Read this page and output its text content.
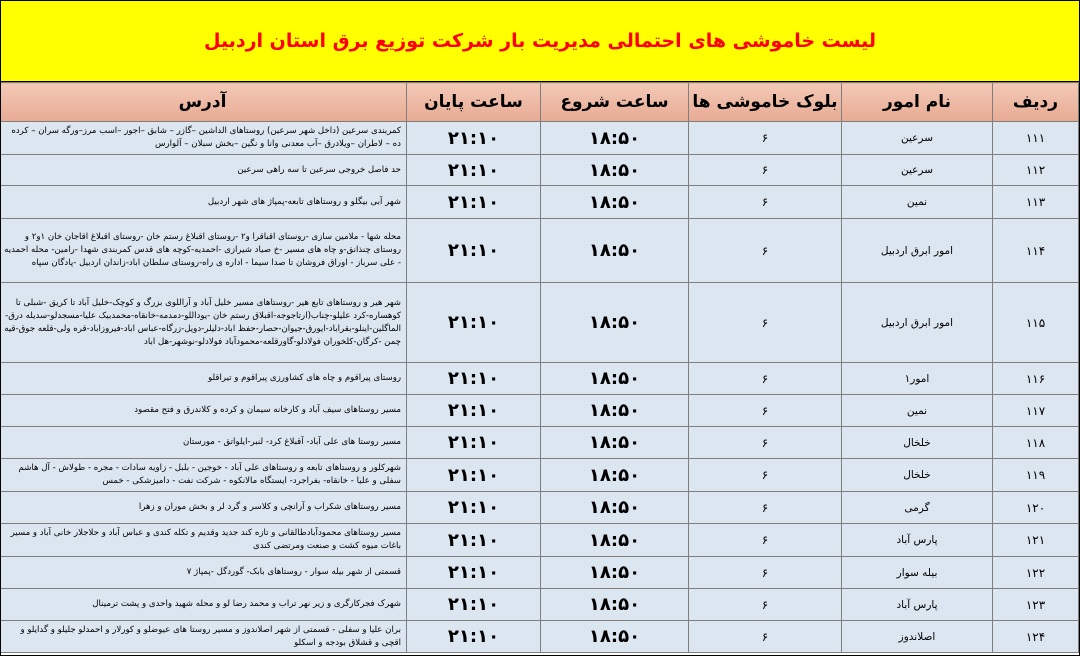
لیست خاموشی های احتمالی مدیریت بار شرکت توزیع برق استان اردبیل
ردیف	نام امور	بلوک خاموشی ها	ساعت شروع	ساعت پایان	آدرس
۱۱۱	سرعین	۶	۱۸:۵۰	۲۱:۱۰	کمربندی سرعین (داخل شهر سرعین) روستاهای الداشین –گازر – شابق –اجور –اسب مرز–ورگه سران – کرده ده – لاطران –ویلادرق –آب معدنی وانا و نگین –بخش سبلان – آلوارس
۱۱۲	سرعین	۶	۱۸:۵۰	۲۱:۱۰	حد فاصل خروجی سرعین تا سه راهی سرعین
۱۱۳	نمین	۶	۱۸:۵۰	۲۱:۱۰	شهر آبی بیگلو و روستاهای تابعه-پمپاژ های شهر اردبیل
۱۱۴	امور ابرق اردبیل	۶	۱۸:۵۰	۲۱:۱۰	محله شها - ملامین سازی -روستای اقباقرا و۲ -روستای اقبلاغ رستم خان -روستای اقبلاغ اقاجان خان ۱و۲ و روستای چنذانق-و چاه های مسیر -خ صیاد شیرازی -احمدیه-کوچه های قدس کمربندی شهدا -رامین- محله احمدیه - علی سرباز - اوراق فروشان تا صدا سیما - اداره ی راه-روستای سلطان اباد-زاندان اردبیل -پادگان سپاه
۱۱۵	امور ابرق اردبیل	۶	۱۸:۵۰	۲۱:۱۰	شهر هیر و روستاهای تابع هیر -روستاهای مسیر خلیل آباد و آراللوی بزرگ و کوچک-خلیل آباد تا کریق -شبلی تا کوهساره-کرد علیلو-چناب(ارتاجوجه-اقبلاق رستم خان -یوداللو-دمدمه-خانقاه-محمدبیک علیا-مسجدلو-سدیله درق-الماگلین-اینلو-بقراباد-ایورق-جیوان-حصار-حفظ اباد-دلیلر-دویل-زرگاه-عباس اباد-فیروزاباد-قره ولی-قلعه جوق-قیه چمن -کرگان-کلخوران فولادلو-گاورقلعه-محمودآباد فولادلو-نوشهر-هل اباد
۱۱۶	امور۱	۶	۱۸:۵۰	۲۱:۱۰	روستای پیراقوم و چاه های کشاورزی پیراقوم و تیراقلو
۱۱۷	نمین	۶	۱۸:۵۰	۲۱:۱۰	مسیر روستاهای سیف آباد و کارخانه سیمان و کرده و کلاندرق و فتح مقصود
۱۱۸	خلخال	۶	۱۸:۵۰	۲۱:۱۰	مسیر روستا های علی آباد- آقبلاغ کرد- لنبر-ایلواتق - مورستان
۱۱۹	خلخال	۶	۱۸:۵۰	۲۱:۱۰	شهرکلور و روستاهای تابعه و روستاهای علی آباد - خوجین - بلبل - زاویه سادات - مجره - طولاش - آل هاشم سفلی و علیا - خانقاه- بفراجرد- ایستگاه مالانکوه - شرکت نفت - دامیزشکی - خمس
۱۲۰	گرمی	۶	۱۸:۵۰	۲۱:۱۰	مسیر روستاهای شکراب و آرانچی و کلاسر و گرد لر و بخش موران و زهرا
۱۲۱	پارس آباد	۶	۱۸:۵۰	۲۱:۱۰	مسیر روستاهای محمودآبادطالقانی و تازه کند جدید وقدیم و تکله کندی و عباس آباد و حلاجلار خانی آباد و مسیر باغات میوه کشت و صنعت ومرتضی کندی
۱۲۲	بیله سوار	۶	۱۸:۵۰	۲۱:۱۰	قسمتی از شهر بیله سوار - روستاهای بابک- گوردگل -پمپاژ ۷
۱۲۳	پارس آباد	۶	۱۸:۵۰	۲۱:۱۰	شهرک فجرکارگری و زیر نهر تراب و محمد رضا لو و محله شهید واحدی و پشت ترمینال
۱۲۴	اصلاندوز	۶	۱۸:۵۰	۲۱:۱۰	بران علیا و سفلی - قسمتی از شهر اصلاندوز و مسیر روستا های عیوضلو و کورلار و احمدلو جلیلو و گدایلو و اقچی و قشلاق بودجه و اسکلو
